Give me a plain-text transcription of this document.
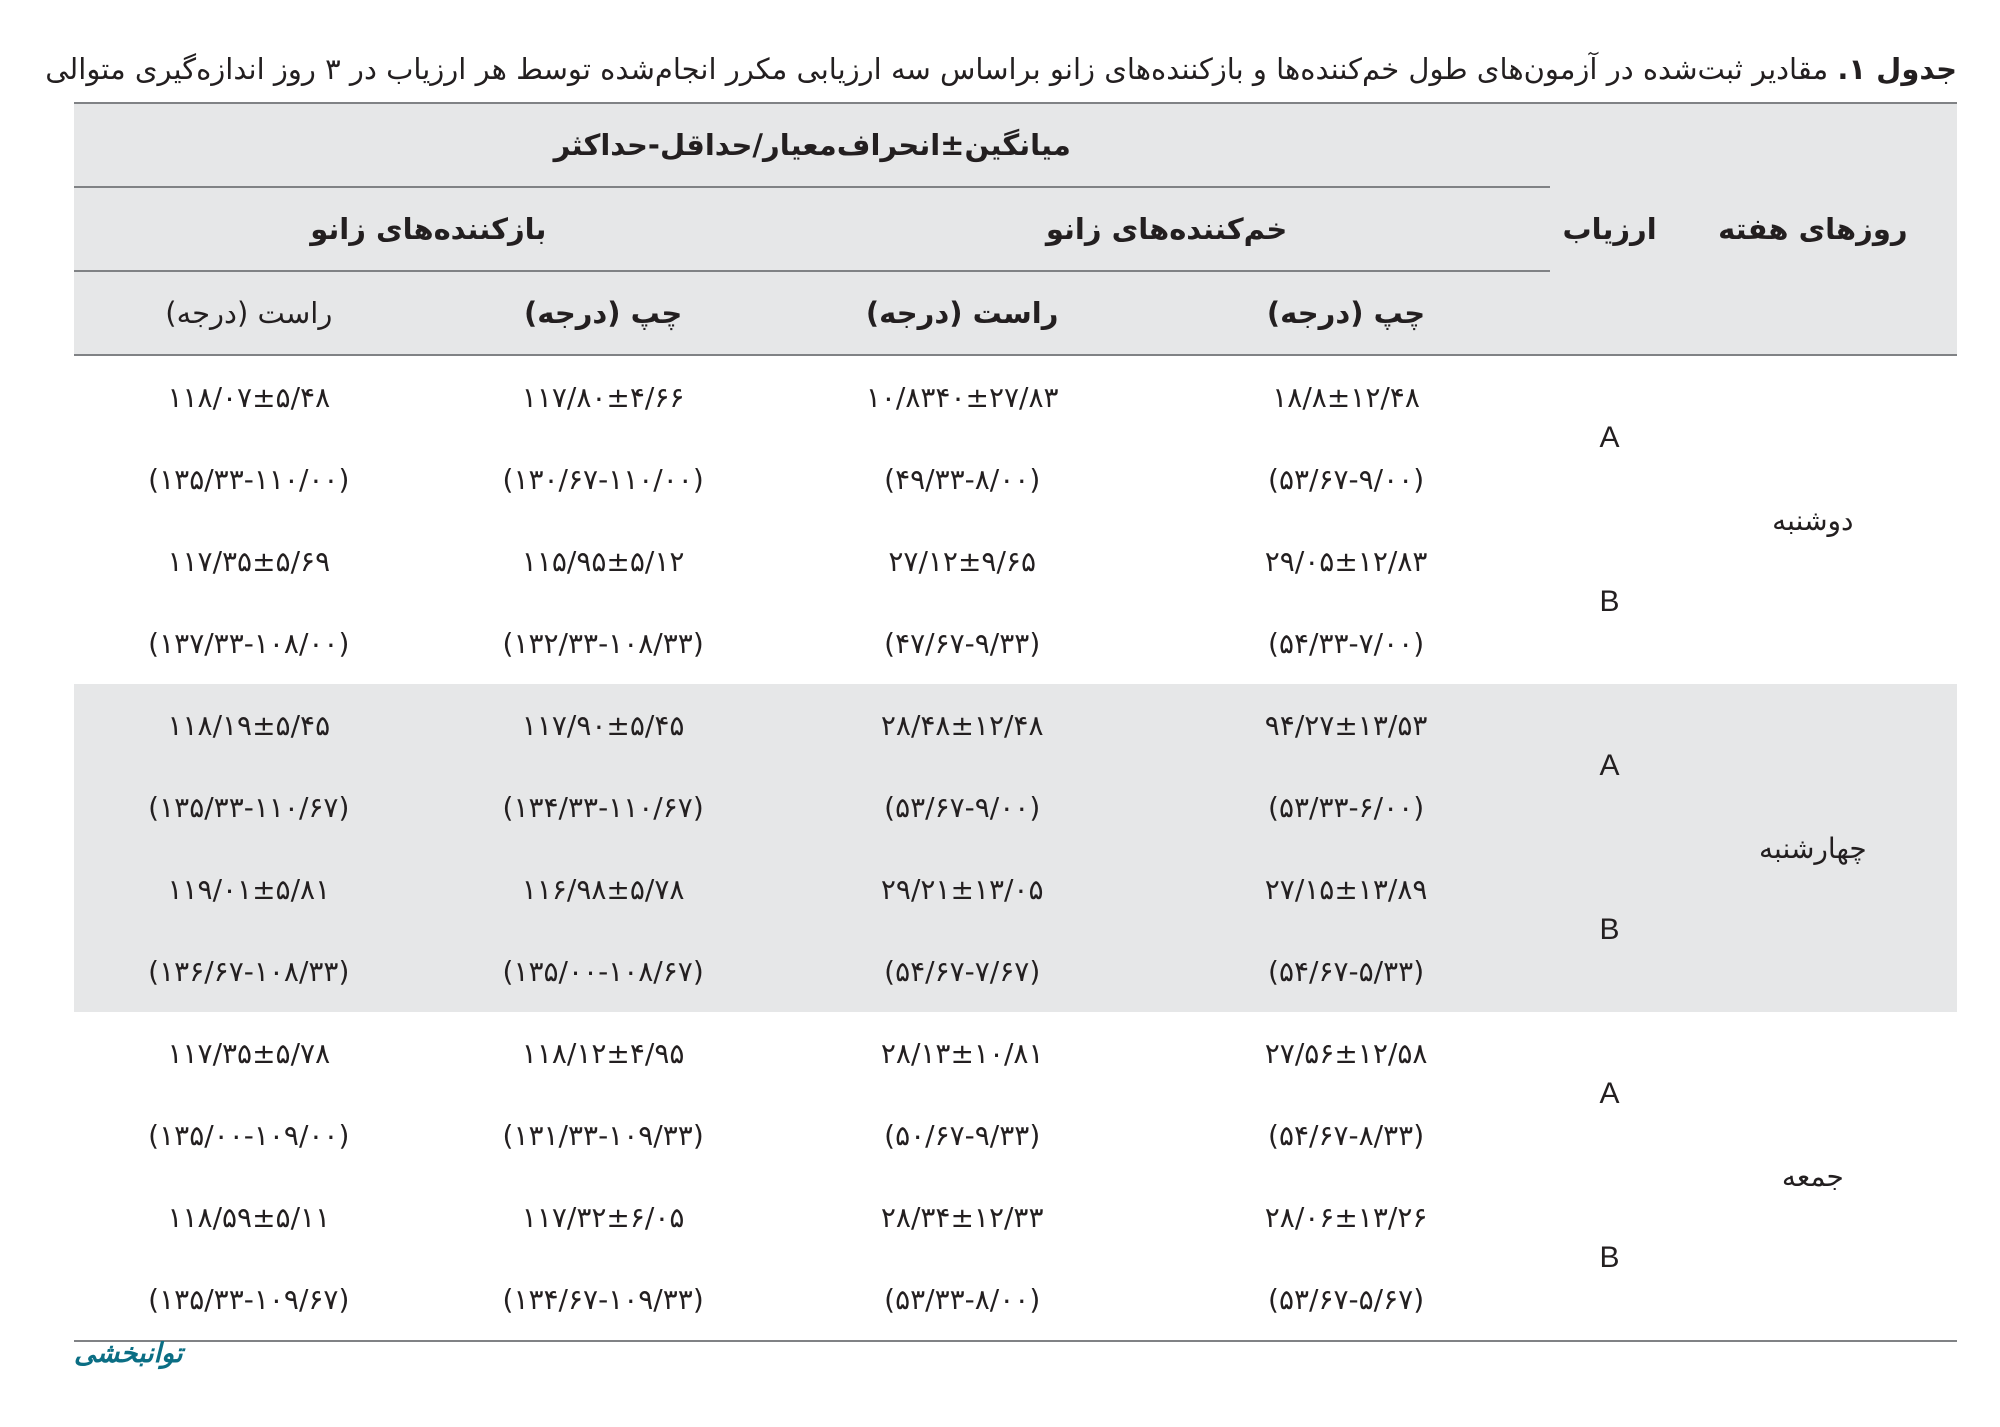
جدول ۱. مقادیر ثبت‌شده در آزمون‌های طول خم‌کننده‌ها و بازکننده‌های زانو براساس سه ارزیابی مکرر انجام‌شده توسط هر ارزیاب در ۳ روز اندازه‌گیری متوالی
روزهای هفته	ارزیاب	میانگین±انحراف‌معیار/حداقل-حداکثر			
		خم‌کننده‌های زانو		بازکننده‌های زانو	
		چپ (درجه)	راست (درجه)	چپ (درجه)	راست (درجه)
دوشنبه	A	۱۸/۸±۱۲/۴۸	۱۰/۸۳۴۰±۲۷/۸۳	۱۱۷/۸۰±۴/۶۶	۱۱۸/۰۷±۵/۴۸
		(۵۳/۶۷-۹/۰۰)	(۴۹/۳۳-۸/۰۰)	(۱۳۰/۶۷-۱۱۰/۰۰)	(۱۳۵/۳۳-۱۱۰/۰۰)
	B	۲۹/۰۵±۱۲/۸۳	۲۷/۱۲±۹/۶۵	۱۱۵/۹۵±۵/۱۲	۱۱۷/۳۵±۵/۶۹
		(۵۴/۳۳-۷/۰۰)	(۴۷/۶۷-۹/۳۳)	(۱۳۲/۳۳-۱۰۸/۳۳)	(۱۳۷/۳۳-۱۰۸/۰۰)
چهارشنبه	A	۹۴/۲۷±۱۳/۵۳	۲۸/۴۸±۱۲/۴۸	۱۱۷/۹۰±۵/۴۵	۱۱۸/۱۹±۵/۴۵
		(۵۳/۳۳-۶/۰۰)	(۵۳/۶۷-۹/۰۰)	(۱۳۴/۳۳-۱۱۰/۶۷)	(۱۳۵/۳۳-۱۱۰/۶۷)
	B	۲۷/۱۵±۱۳/۸۹	۲۹/۲۱±۱۳/۰۵	۱۱۶/۹۸±۵/۷۸	۱۱۹/۰۱±۵/۸۱
		(۵۴/۶۷-۵/۳۳)	(۵۴/۶۷-۷/۶۷)	(۱۳۵/۰۰-۱۰۸/۶۷)	(۱۳۶/۶۷-۱۰۸/۳۳)
جمعه	A	۲۷/۵۶±۱۲/۵۸	۲۸/۱۳±۱۰/۸۱	۱۱۸/۱۲±۴/۹۵	۱۱۷/۳۵±۵/۷۸
		(۵۴/۶۷-۸/۳۳)	(۵۰/۶۷-۹/۳۳)	(۱۳۱/۳۳-۱۰۹/۳۳)	(۱۳۵/۰۰-۱۰۹/۰۰)
	B	۲۸/۰۶±۱۳/۲۶	۲۸/۳۴±۱۲/۳۳	۱۱۷/۳۲±۶/۰۵	۱۱۸/۵۹±۵/۱۱
		(۵۳/۶۷-۵/۶۷)	(۵۳/۳۳-۸/۰۰)	(۱۳۴/۶۷-۱۰۹/۳۳)	(۱۳۵/۳۳-۱۰۹/۶۷)
توانبخشی
